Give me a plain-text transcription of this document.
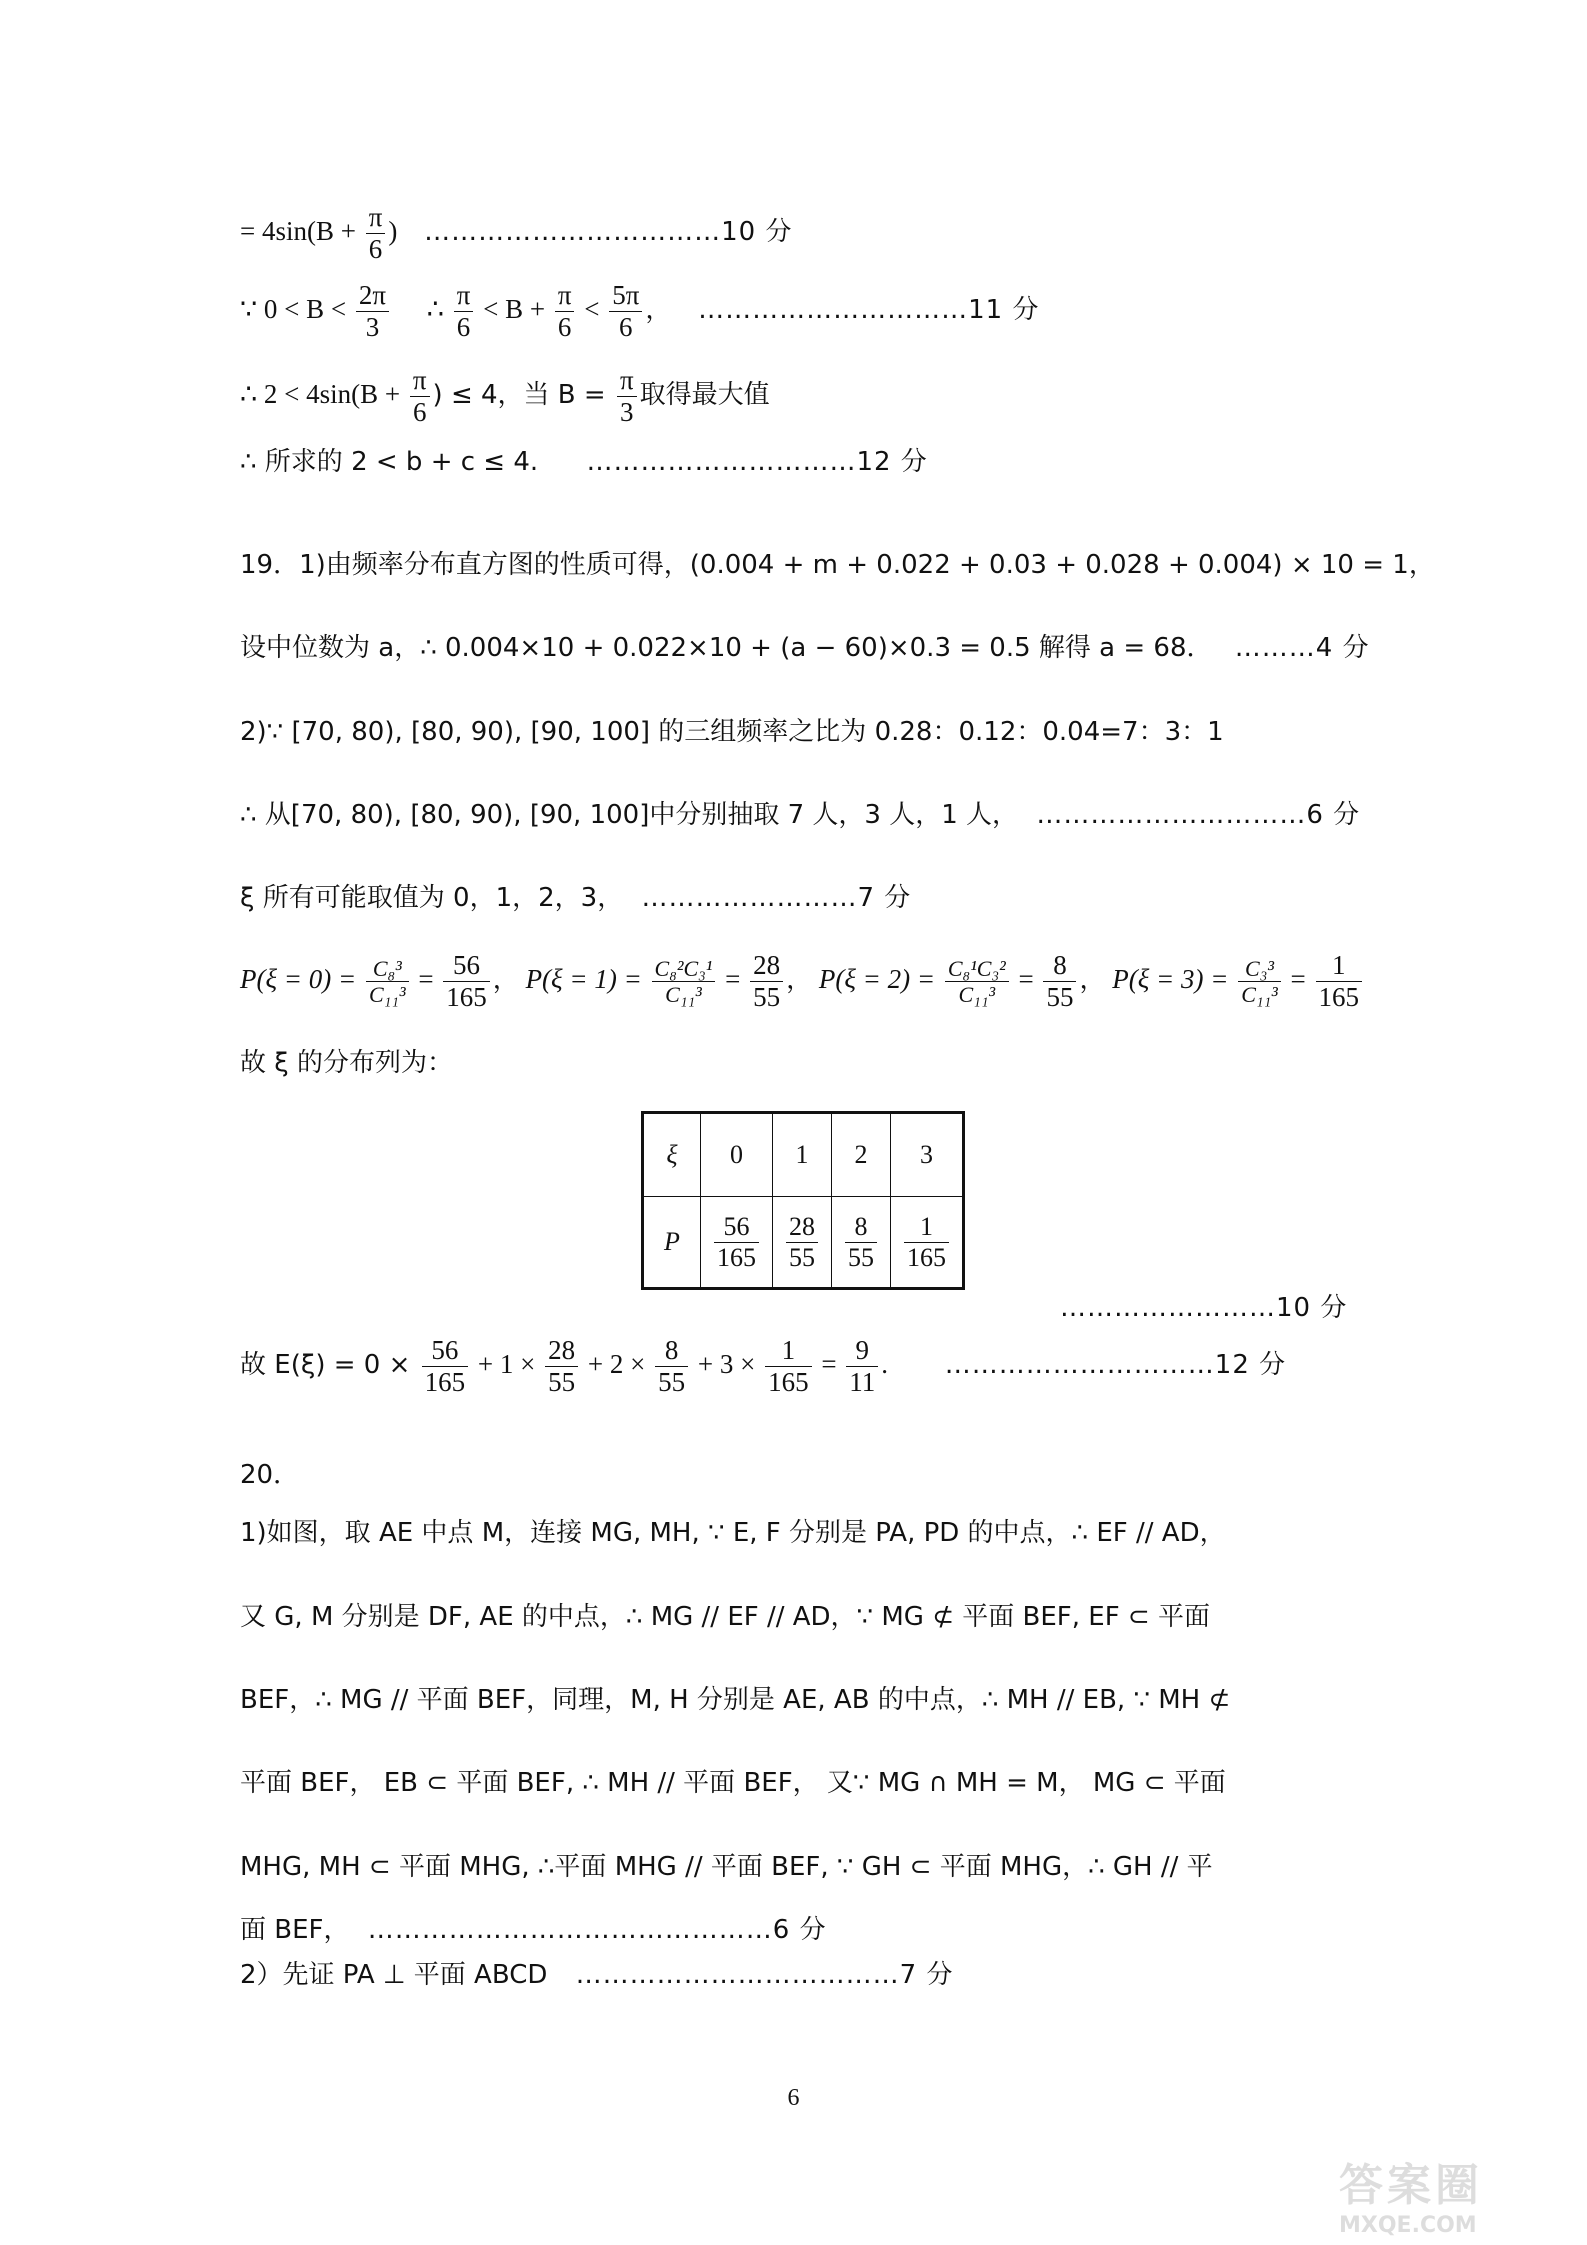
= $4\sin(B + \frac{\pi}{6}$ ) ……………………………10 分
∵ $0 < B < \frac{2\pi}{3}$ ∴ $\frac{\pi}{6} < B + \frac{\pi}{6} < \frac{5\pi}{6}$ ， …………………………11 分
∴ $2 < 4\sin(B + \frac{\pi}{6}$ ) ≤ 4，当 $B = \frac{\pi}{3}$ 取得最大值
∴ 所求的 2 < b + c ≤ 4. …………………………12 分
19．1)由频率分布直方图的性质可得，(0.004 + m + 0.022 + 0.03 + 0.028 + 0.004) × 10 = 1，
设中位数为 a，∴ 0.004×10 + 0.022×10 + (a − 60)×0.3 = 0.5 解得 a = 68． ………4 分
2)∵ [70, 80), [80, 90), [90, 100] 的三组频率之比为 0.28：0.12：0.04=7：3：1
∴ 从[70, 80), [80, 90), [90, 100]中分别抽取 7 人，3 人，1 人， …………………………6 分
ξ 所有可能取值为 0，1，2，3， ……………………7 分
$P(\xi = 0) = \frac{\text{C₈³}}{\text{C₁₁³}} = \frac{56}{165}$ ， $P(\xi = 1) = \frac{\text{C₈²C₃¹}}{\text{C₁₁³}} = \frac{28}{55}$ ， $P(\xi = 2) = \frac{\text{C₈¹C₃²}}{\text{C₁₁³}} = \frac{8}{55}$ ， $P(\xi = 3) = \frac{\text{C₃³}}{\text{C₁₁³}} = \frac{1}{165}$
故 ξ 的分布列为：
ξ	0	1	2	3
P	$\frac{56}{165}$	$\frac{28}{55}$	$\frac{8}{55}$	$\frac{1}{165}$
……………………10 分
故 $E(\xi) = 0 \times \frac{56}{165} + 1 \times \frac{28}{55} + 2 \times \frac{8}{55} + 3 \times \frac{1}{165} = \frac{9}{11}$ . …………………………12 分
20．
1)如图，取 AE 中点 M，连接 MG, MH, ∵ E, F 分别是 PA, PD 的中点，∴ EF // AD，
又 G, M 分别是 DF, AE 的中点，∴ MG // EF // AD，∵ MG ⊄ 平面 BEF, EF ⊂ 平面
BEF，∴ MG // 平面 BEF，同理，M, H 分别是 AE, AB 的中点，∴ MH // EB, ∵ MH ⊄
平面 BEF， EB ⊂ 平面 BEF, ∴ MH // 平面 BEF， 又∵ MG ∩ MH = M， MG ⊂ 平面
MHG, MH ⊂ 平面 MHG, ∴平面 MHG // 平面 BEF, ∵ GH ⊂ 平面 MHG，∴ GH // 平
面 BEF， ………………………………………6 分
2）先证 PA ⊥ 平面 ABCD ………………………………7 分
6
答案圈
MXQE.COM
